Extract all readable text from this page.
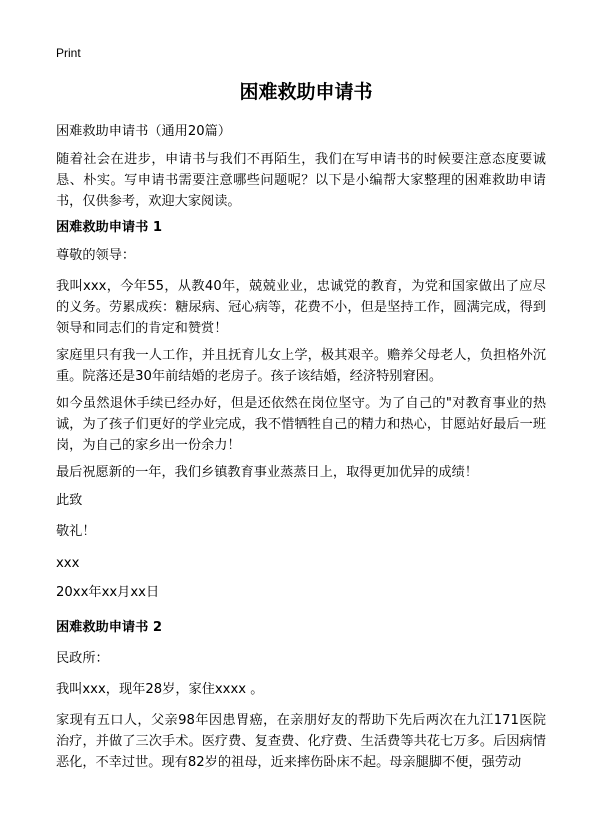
Print
困难救助申请书

困难救助申请书（通用20篇）

随着社会在进步，申请书与我们不再陌生，我们在写申请书的时候要注意态度要诚恳、朴实。写申请书需要注意哪些问题呢？以下是小编帮大家整理的困难救助申请书，仅供参考，欢迎大家阅读。

困难救助申请书 1

尊敬的领导：

我叫xxx，今年55，从教40年，兢兢业业，忠诚党的教育，为党和国家做出了应尽的义务。劳累成疾：糖尿病、冠心病等，花费不小，但是坚持工作，圆满完成，得到领导和同志们的肯定和赞赏！

家庭里只有我一人工作，并且抚育儿女上学，极其艰辛。赡养父母老人，负担格外沉重。院落还是30年前结婚的老房子。孩子该结婚，经济特别窘困。

如今虽然退休手续已经办好，但是还依然在岗位坚守。为了自己的"对教育事业的热诚，为了孩子们更好的学业完成，我不惜牺牲自己的精力和热心，甘愿站好最后一班岗，为自己的家乡出一份余力！

最后祝愿新的一年，我们乡镇教育事业蒸蒸日上，取得更加优异的成绩！

此致

敬礼！

xxx

20xx年xx月xx日

困难救助申请书 2

民政所：

我叫xxx，现年28岁，家住xxxx 。

家现有五口人，父亲98年因患胃癌，在亲朋好友的帮助下先后两次在九江171医院治疗，并做了三次手术。医疗费、复查费、化疗费、生活费等共花七万多。后因病情恶化，不幸过世。现有82岁的祖母，近来摔伤卧床不起。母亲腿脚不便，强劳动
